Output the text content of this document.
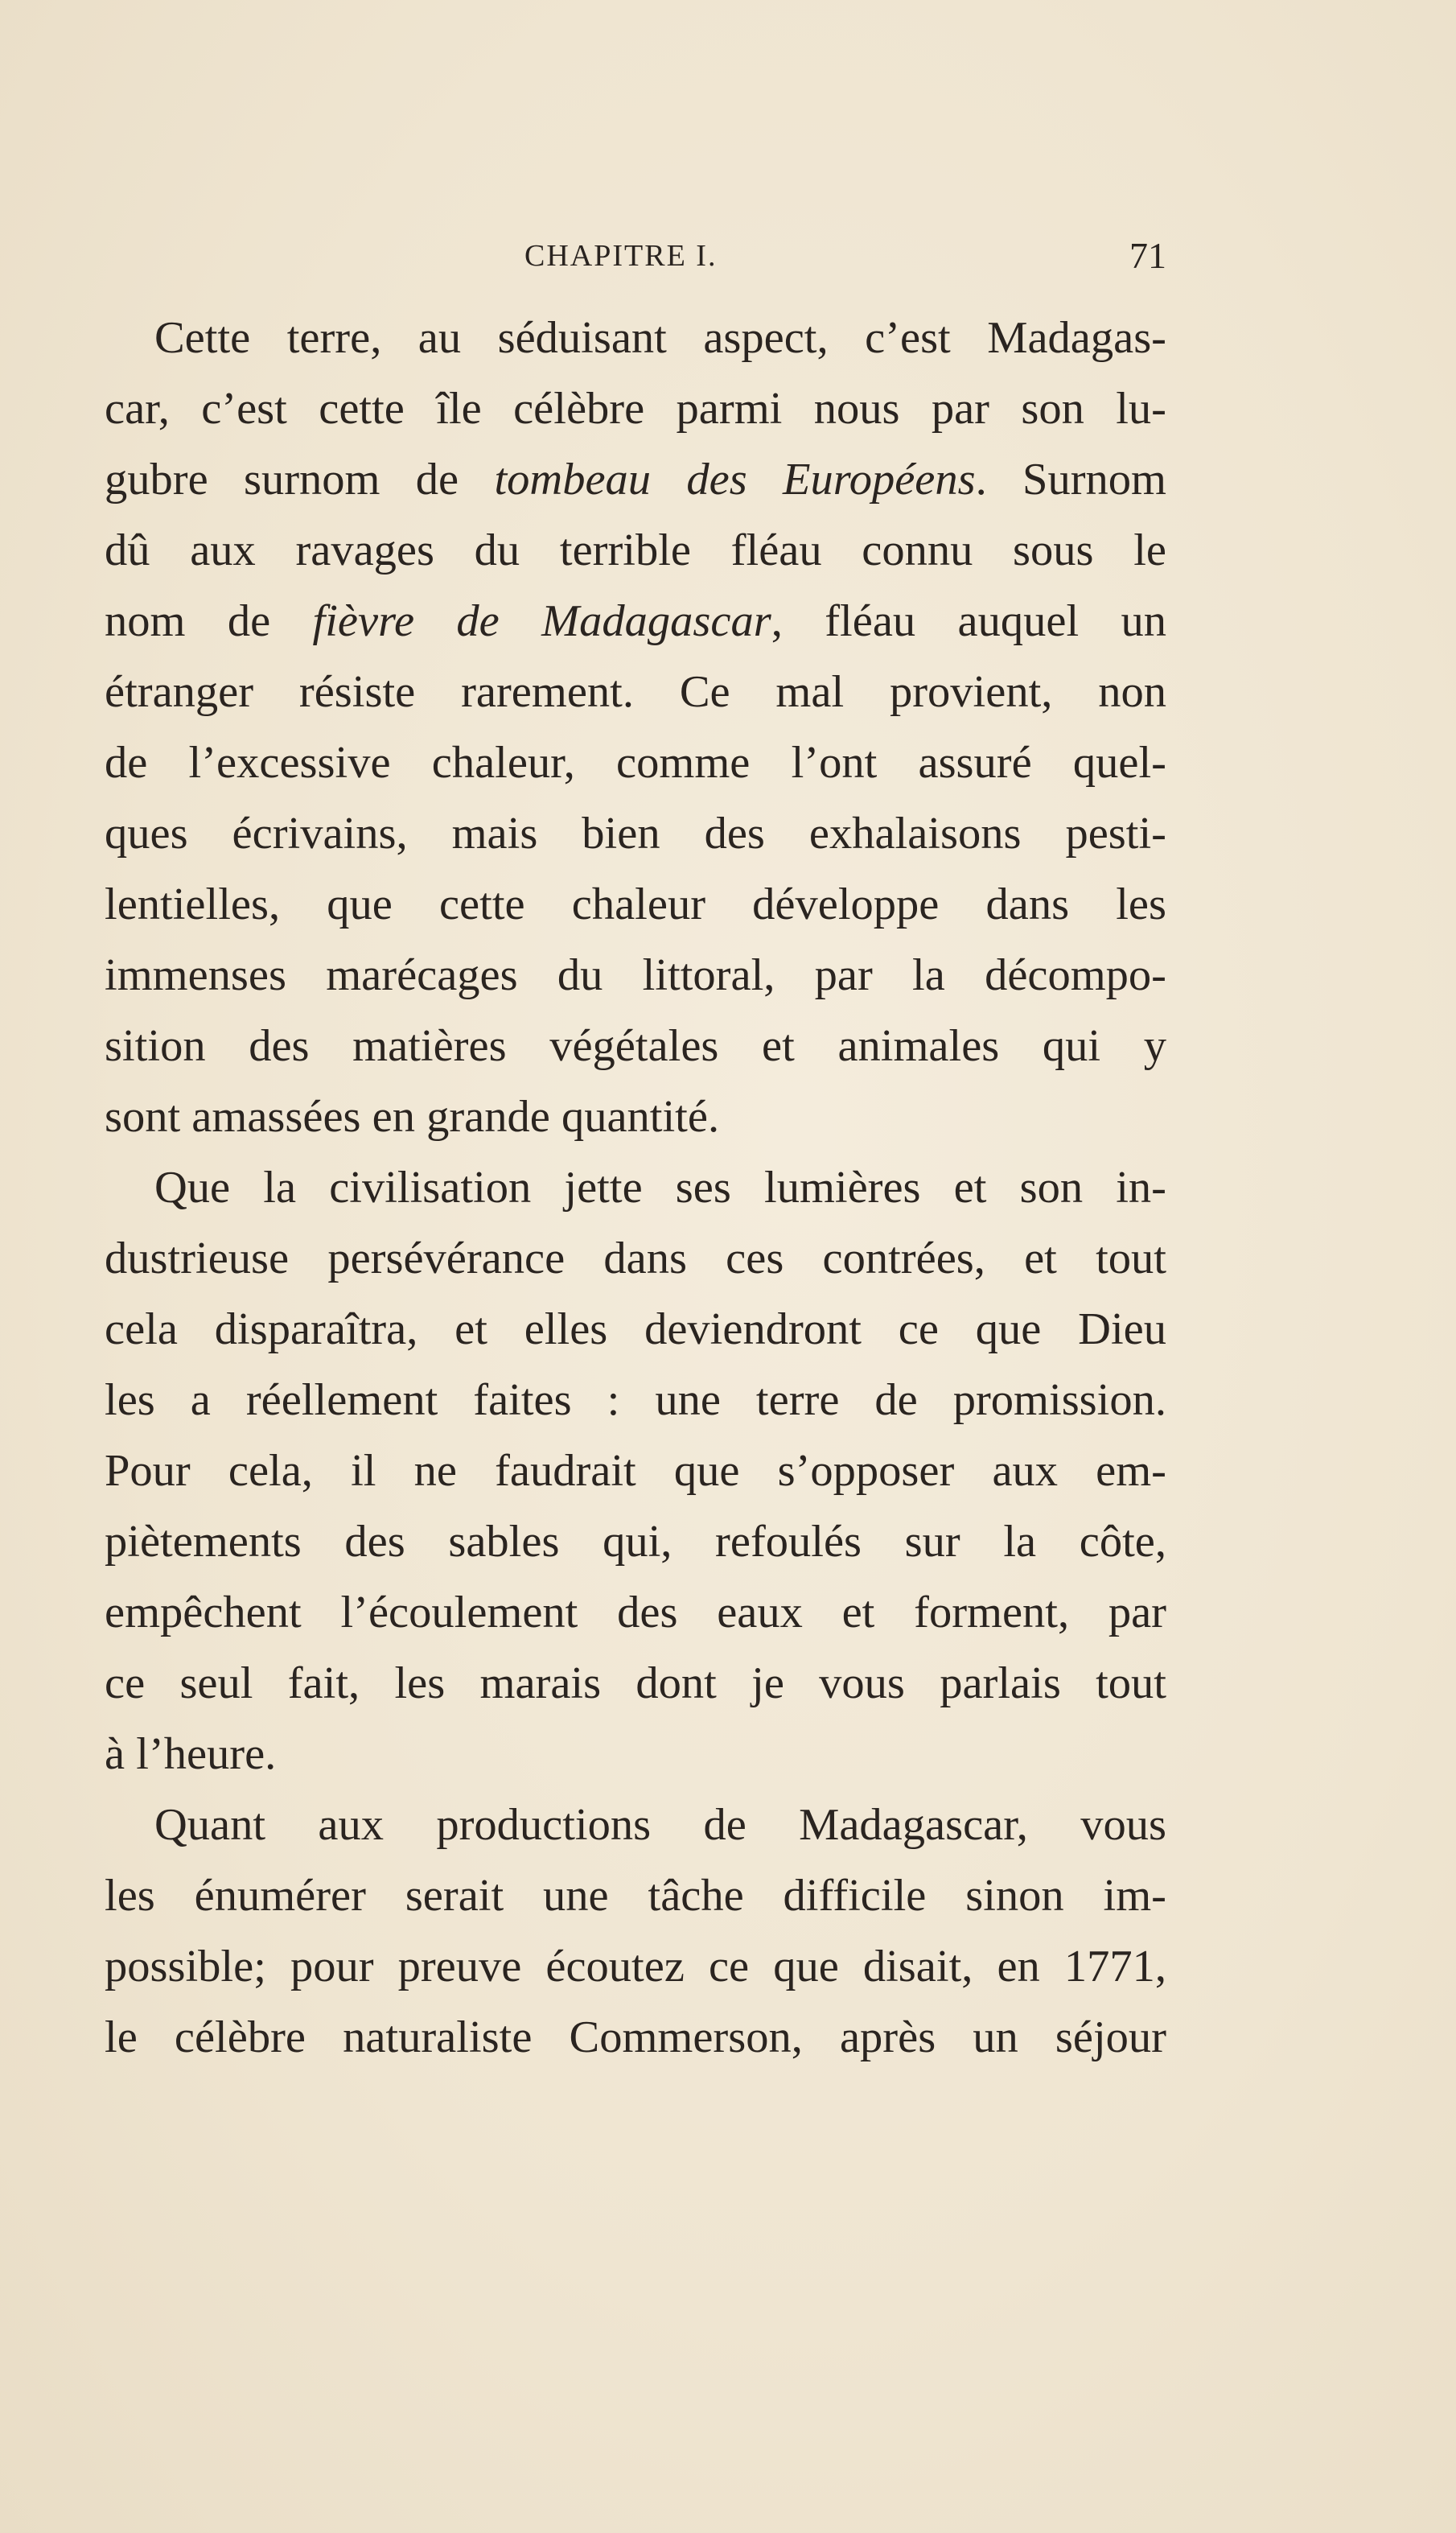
CHAPITRE I.	71
Cette terre, au séduisant aspect, c’est Madagas-
car, c’est cette île célèbre parmi nous par son lu-
gubre surnom de tombeau des Européens. Surnom
dû aux ravages du terrible fléau connu sous le
nom de fièvre de Madagascar, fléau auquel un
étranger résiste rarement. Ce mal provient, non
de l’excessive chaleur, comme l’ont assuré quel-
ques écrivains, mais bien des exhalaisons pesti-
lentielles, que cette chaleur développe dans les
immenses marécages du littoral, par la décompo-
sition des matières végétales et animales qui y
sont amassées en grande quantité.
Que la civilisation jette ses lumières et son in-
dustrieuse persévérance dans ces contrées, et tout
cela disparaîtra, et elles deviendront ce que Dieu
les a réellement faites : une terre de promission.
Pour cela, il ne faudrait que s’opposer aux em-
piètements des sables qui, refoulés sur la côte,
empêchent l’écoulement des eaux et forment, par
ce seul fait, les marais dont je vous parlais tout
à l’heure.
Quant aux productions de Madagascar, vous
les énumérer serait une tâche difficile sinon im-
possible; pour preuve écoutez ce que disait, en 1771,
le célèbre naturaliste Commerson, après un séjour
